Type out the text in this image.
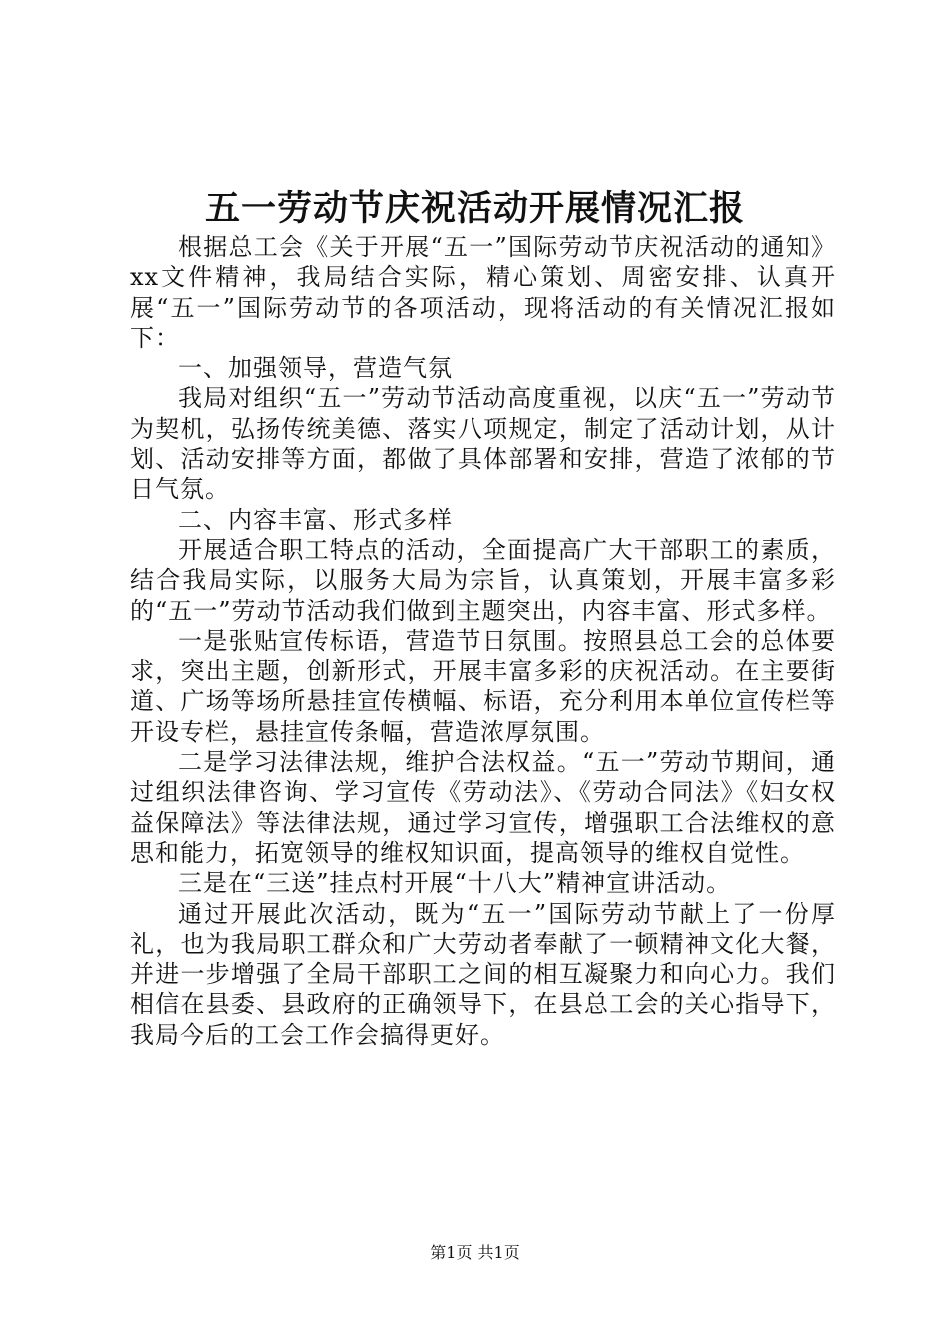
五一劳动节庆祝活动开展情况汇报

根据总工会《关于开展“五一”国际劳动节庆祝活动的通知》xx文件精神，我局结合实际，精心策划、周密安排、认真开展“五一”国际劳动节的各项活动，现将活动的有关情况汇报如下：

一、加强领导，营造气氛

我局对组织“五一”劳动节活动高度重视，以庆“五一”劳动节为契机，弘扬传统美德、落实八项规定，制定了活动计划，从计划、活动安排等方面，都做了具体部署和安排，营造了浓郁的节日气氛。

二、内容丰富、形式多样

开展适合职工特点的活动，全面提高广大干部职工的素质，结合我局实际，以服务大局为宗旨，认真策划，开展丰富多彩的“五一”劳动节活动我们做到主题突出，内容丰富、形式多样。

一是张贴宣传标语，营造节日氛围。按照县总工会的总体要求，突出主题，创新形式，开展丰富多彩的庆祝活动。在主要街道、广场等场所悬挂宣传横幅、标语，充分利用本单位宣传栏等开设专栏，悬挂宣传条幅，营造浓厚氛围。

二是学习法律法规，维护合法权益。“五一”劳动节期间，通过组织法律咨询、学习宣传《劳动法》、《劳动合同法》《妇女权益保障法》等法律法规，通过学习宣传，增强职工合法维权的意思和能力，拓宽领导的维权知识面，提高领导的维权自觉性。

三是在“三送”挂点村开展“十八大”精神宣讲活动。

通过开展此次活动，既为“五一”国际劳动节献上了一份厚礼，也为我局职工群众和广大劳动者奉献了一顿精神文化大餐，并进一步增强了全局干部职工之间的相互凝聚力和向心力。我们相信在县委、县政府的正确领导下，在县总工会的关心指导下，我局今后的工会工作会搞得更好。

第1页 共1页
